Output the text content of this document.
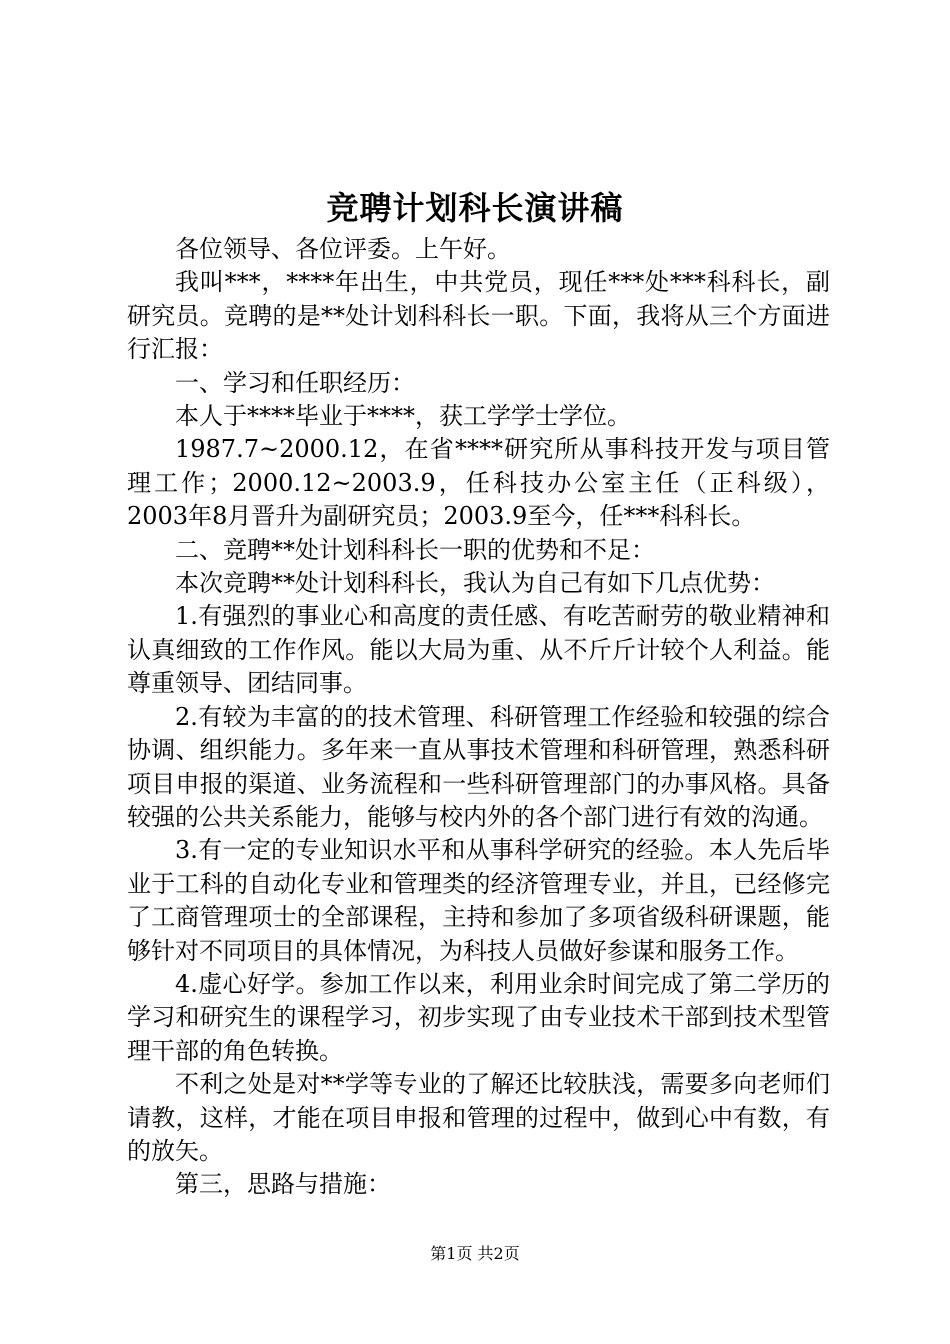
竞聘计划科长演讲稿

各位领导、各位评委。上午好。

我叫***，****年出生，中共党员，现任***处***科科长，副研究员。竞聘的是**处计划科科长一职。下面，我将从三个方面进行汇报：

一、学习和任职经历：

本人于****毕业于****，获工学学士学位。

1987.7~2000.12，在省****研究所从事科技开发与项目管理工作；2000.12~2003.9，任科技办公室主任（正科级），2003年8月晋升为副研究员；2003.9至今，任***科科长。

二、竞聘**处计划科科长一职的优势和不足：

本次竞聘**处计划科科长，我认为自己有如下几点优势：

1.有强烈的事业心和高度的责任感、有吃苦耐劳的敬业精神和认真细致的工作作风。能以大局为重、从不斤斤计较个人利益。能尊重领导、团结同事。

2.有较为丰富的的技术管理、科研管理工作经验和较强的综合协调、组织能力。多年来一直从事技术管理和科研管理，熟悉科研项目申报的渠道、业务流程和一些科研管理部门的办事风格。具备较强的公共关系能力，能够与校内外的各个部门进行有效的沟通。

3.有一定的专业知识水平和从事科学研究的经验。本人先后毕业于工科的自动化专业和管理类的经济管理专业，并且，已经修完了工商管理项士的全部课程，主持和参加了多项省级科研课题，能够针对不同项目的具体情况，为科技人员做好参谋和服务工作。

4.虚心好学。参加工作以来，利用业余时间完成了第二学历的学习和研究生的课程学习，初步实现了由专业技术干部到技术型管理干部的角色转换。

不利之处是对**学等专业的了解还比较肤浅，需要多向老师们请教，这样，才能在项目申报和管理的过程中，做到心中有数，有的放矢。

第三，思路与措施：

第1页 共2页
